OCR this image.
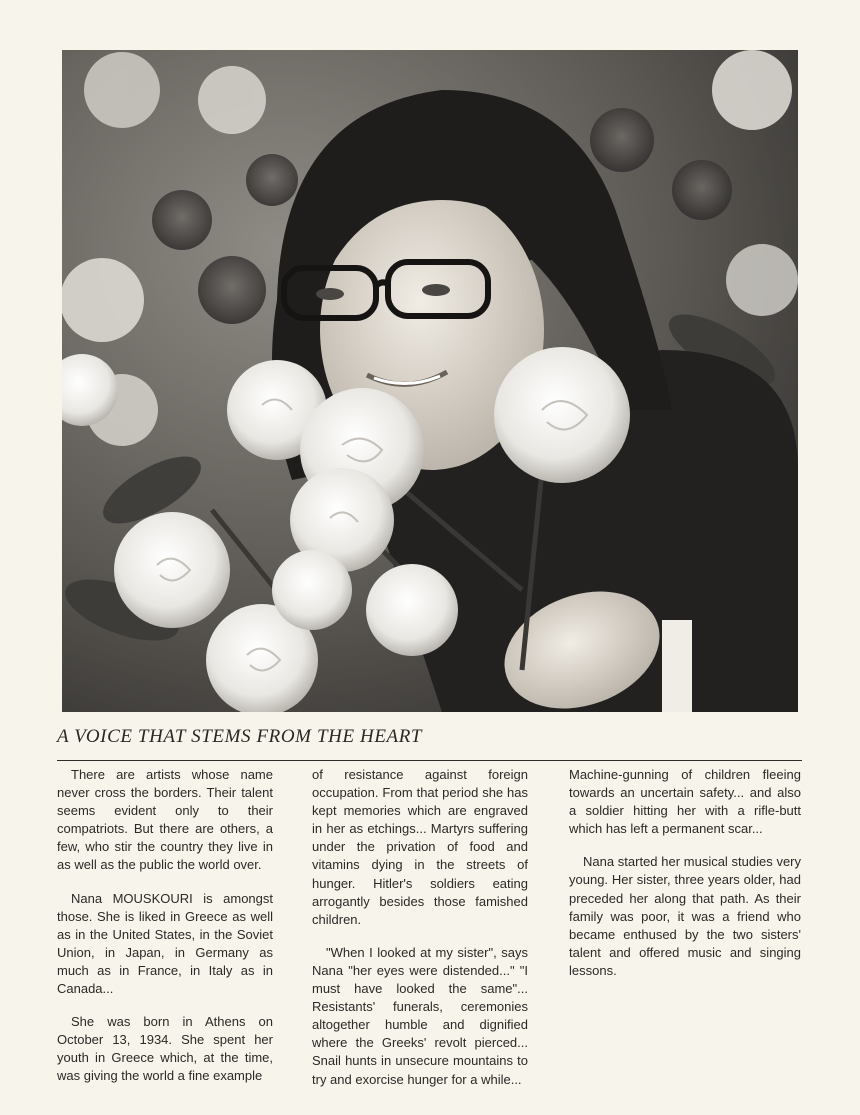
A VOICE THAT STEMS FROM THE HEART

There are artists whose name never cross the borders. Their talent seems evident only to their compatriots. But there are others, a few, who stir the country they live in as well as the public the world over.

Nana MOUSKOURI is amongst those. She is liked in Greece as well as in the United States, in the Soviet Union, in Japan, in Germany as much as in France, in Italy as in Canada...

She was born in Athens on October 13, 1934. She spent her youth in Greece which, at the time, was giving the world a fine example

of resistance against foreign occupation. From that period she has kept memories which are engraved in her as etchings... Martyrs suffering under the privation of food and vitamins dying in the streets of hunger. Hitler's soldiers eating arrogantly besides those famished children.

"When I looked at my sister", says Nana "her eyes were distended..." "I must have looked the same"... Resistants' funerals, ceremonies altogether humble and dignified where the Greeks' revolt pierced... Snail hunts in unsecure mountains to try and exorcise hunger for a while...

Machine-gunning of children fleeing towards an uncertain safety... and also a soldier hitting her with a rifle-butt which has left a permanent scar...

Nana started her musical studies very young. Her sister, three years older, had preceded her along that path. As their family was poor, it was a friend who became enthused by the two sisters' talent and offered music and singing lessons.
